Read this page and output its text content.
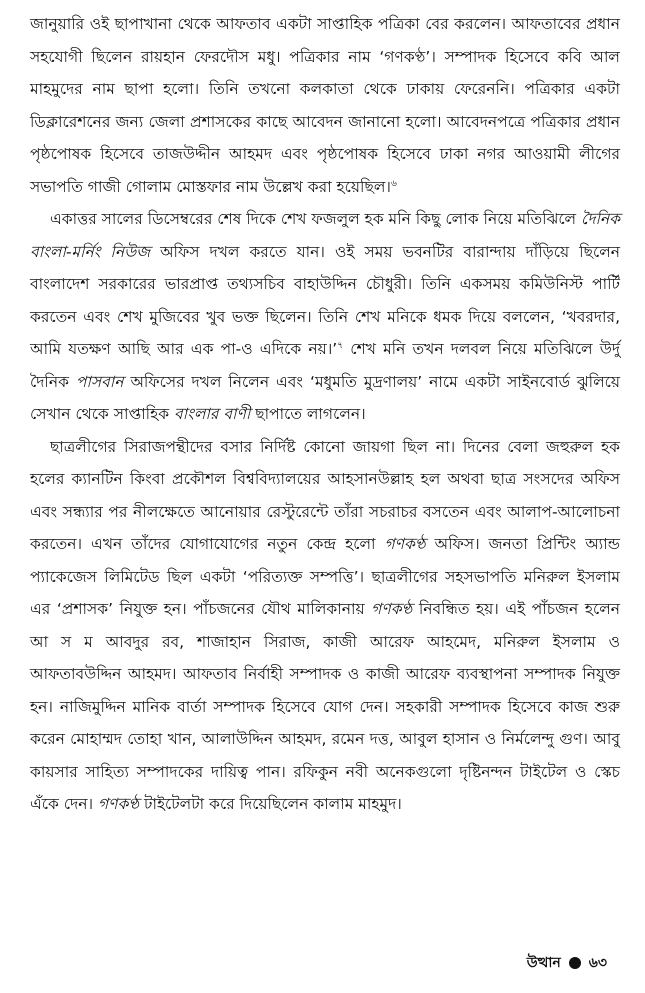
জানুয়ারি ওই ছাপাখানা থেকে আফতাব একটা সাপ্তাহিক পত্রিকা বের করলেন। আফতাবের প্রধান সহযোগী ছিলেন রায়হান ফেরদৌস মধু। পত্রিকার নাম ‘গণকণ্ঠ’। সম্পাদক হিসেবে কবি আল মাহমুদের নাম ছাপা হলো। তিনি তখনো কলকাতা থেকে ঢাকায় ফেরেননি। পত্রিকার একটা ডিক্লারেশনের জন্য জেলা প্রশাসকের কাছে আবেদন জানানো হলো। আবেদনপত্রে পত্রিকার প্রধান পৃষ্ঠপোষক হিসেবে তাজউদ্দীন আহমদ এবং পৃষ্ঠপোষক হিসেবে ঢাকা নগর আওয়ামী লীগের সভাপতি গাজী গোলাম মোস্তফার নাম উল্লেখ করা হয়েছিল।$^৬$

একাত্তর সালের ডিসেম্বরের শেষ দিকে শেখ ফজলুল হক মনি কিছু লোক নিয়ে মতিঝিলে দৈনিক বাংলা-মর্নিং নিউজ অফিস দখল করতে যান। ওই সময় ভবনটির বারান্দায় দাঁড়িয়ে ছিলেন বাংলাদেশ সরকারের ভারপ্রাপ্ত তথ্যসচিব বাহাউদ্দিন চৌধুরী। তিনি একসময় কমিউনিস্ট পার্টি করতেন এবং শেখ মুজিবের খুব ভক্ত ছিলেন। তিনি শেখ মনিকে ধমক দিয়ে বললেন, ‘খবরদার, আমি যতক্ষণ আছি আর এক পা-ও এদিকে নয়।’$^৭$ শেখ মনি তখন দলবল নিয়ে মতিঝিলে উর্দু দৈনিক পাসবান অফিসের দখল নিলেন এবং ‘মধুমতি মুদ্রণালয়’ নামে একটা সাইনবোর্ড ঝুলিয়ে সেখান থেকে সাপ্তাহিক বাংলার বাণী ছাপাতে লাগলেন।

ছাত্রলীগের সিরাজপন্থীদের বসার নির্দিষ্ট কোনো জায়গা ছিল না। দিনের বেলা জহুরুল হক হলের ক্যানটিন কিংবা প্রকৌশল বিশ্ববিদ্যালয়ের আহসানউল্লাহ হল অথবা ছাত্র সংসদের অফিস এবং সন্ধ্যার পর নীলক্ষেতে আনোয়ার রেস্টুরেন্টে তাঁরা সচরাচর বসতেন এবং আলাপ-আলোচনা করতেন। এখন তাঁদের যোগাযোগের নতুন কেন্দ্র হলো গণকণ্ঠ অফিস। জনতা প্রিন্টিং অ্যান্ড প্যাকেজেস লিমিটেড ছিল একটা ‘পরিত্যক্ত সম্পত্তি’। ছাত্রলীগের সহসভাপতি মনিরুল ইসলাম এর ‘প্রশাসক’ নিযুক্ত হন। পাঁচজনের যৌথ মালিকানায় গণকণ্ঠ নিবন্ধিত হয়। এই পাঁচজন হলেন আ স ম আবদুর রব, শাজাহান সিরাজ, কাজী আরেফ আহমেদ, মনিরুল ইসলাম ও আফতাবউদ্দিন আহমদ। আফতাব নির্বাহী সম্পাদক ও কাজী আরেফ ব্যবস্থাপনা সম্পাদক নিযুক্ত হন। নাজিমুদ্দিন মানিক বার্তা সম্পাদক হিসেবে যোগ দেন। সহকারী সম্পাদক হিসেবে কাজ শুরু করেন মোহাম্মদ তোহা খান, আলাউদ্দিন আহমদ, রমেন দত্ত, আবুল হাসান ও নির্মলেন্দু গুণ। আবু কায়সার সাহিত্য সম্পাদকের দায়িত্ব পান। রফিকুন নবী অনেকগুলো দৃষ্টিনন্দন টাইটেল ও স্কেচ এঁকে দেন। গণকণ্ঠ টাইটেলটা করে দিয়েছিলেন কালাম মাহমুদ।

উত্থান ৬৩
